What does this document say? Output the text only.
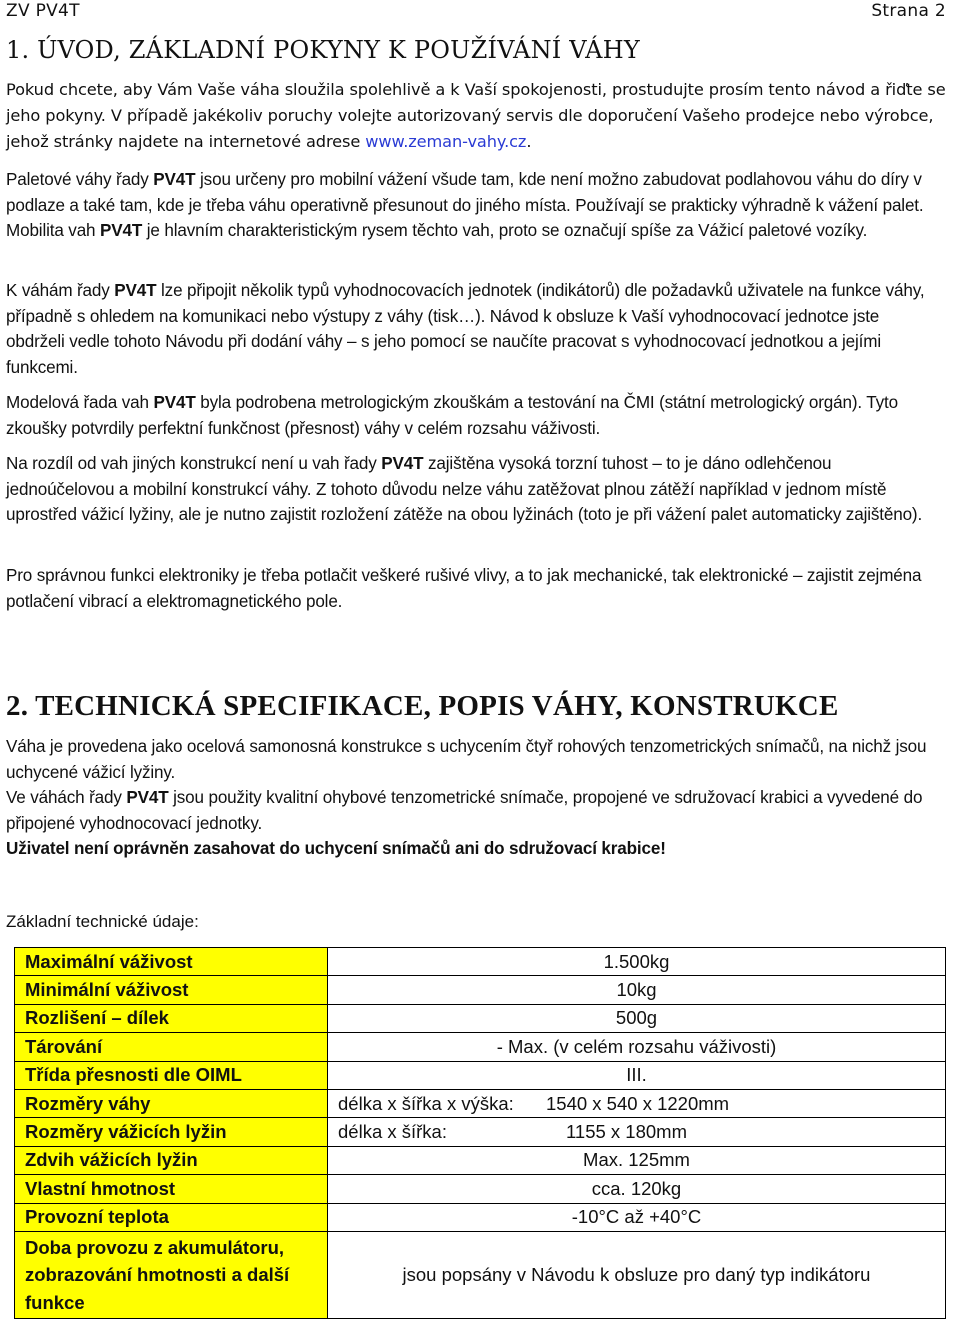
ZV PV4T	Strana 2
1. ÚVOD, ZÁKLADNÍ POKYNY K POUŽÍVÁNÍ VÁHY

Pokud chcete, aby Vám Vaše váha sloužila spolehlivě a k Vaší spokojenosti, prostudujte prosím tento návod a řiďte se jeho pokyny. V případě jakékoliv poruchy volejte autorizovaný servis dle doporučení Vašeho prodejce nebo výrobce, jehož stránky najdete na internetové adrese www.zeman-vahy.cz.

Paletové váhy řady PV4T jsou určeny pro mobilní vážení všude tam, kde není možno zabudovat podlahovou váhu do díry v podlaze a také tam, kde je třeba váhu operativně přesunout do jiného místa. Používají se prakticky výhradně k vážení palet. Mobilita vah PV4T je hlavním charakteristickým rysem těchto vah, proto se označují spíše za Vážicí paletové vozíky.

K váhám řady PV4T lze připojit několik typů vyhodnocovacích jednotek (indikátorů) dle požadavků uživatele na funkce váhy, případně s ohledem na komunikaci nebo výstupy z váhy (tisk…). Návod k obsluze k Vaší vyhodnocovací jednotce jste obdrželi vedle tohoto Návodu při dodání váhy – s jeho pomocí se naučíte pracovat s vyhodnocovací jednotkou a jejími funkcemi.

Modelová řada vah PV4T byla podrobena metrologickým zkouškám a testování na ČMI (státní metrologický orgán). Tyto zkoušky potvrdily perfektní funkčnost (přesnost) váhy v celém rozsahu váživosti.

Na rozdíl od vah jiných konstrukcí není u vah řady PV4T zajištěna vysoká torzní tuhost – to je dáno odlehčenou jednoúčelovou a mobilní konstrukcí váhy. Z tohoto důvodu nelze váhu zatěžovat plnou zátěží například v jednom místě uprostřed vážicí lyžiny, ale je nutno zajistit rozložení zátěže na obou lyžinách (toto je při vážení palet automaticky zajištěno).

Pro správnou funkci elektroniky je třeba potlačit veškeré rušivé vlivy, a to jak mechanické, tak elektronické – zajistit zejména potlačení vibrací a elektromagnetického pole.

2. TECHNICKÁ SPECIFIKACE, POPIS VÁHY, KONSTRUKCE

Váha je provedena jako ocelová samonosná konstrukce s uchycením čtyř rohových tenzometrických snímačů, na nichž jsou uchycené vážicí lyžiny.

Ve váhách řady PV4T jsou použity kvalitní ohybové tenzometrické snímače, propojené ve sdružovací krabici a vyvedené do připojené vyhodnocovací jednotky.

Uživatel není oprávněn zasahovat do uchycení snímačů ani do sdružovací krabice!

Základní technické údaje:
Maximální váživost	1.500kg
Minimální váživost	10kg
Rozlišení – dílek	500g
Tárování	- Max. (v celém rozsahu váživosti)
Třída přesnosti dle OIML	III.
Rozměry váhy	délka x šířka x výška: 1540 x 540 x 1220mm
Rozměry vážicích lyžin	délka x šířka: 1155 x 180mm
Zdvih vážicích lyžin	Max. 125mm
Vlastní hmotnost	cca. 120kg
Provozní teplota	-10°C až +40°C

Doba provozu z akumulátoru,
zobrazování hmotnosti a další
funkce	jsou popsány v Návodu k obsluze pro daný typ indikátoru
